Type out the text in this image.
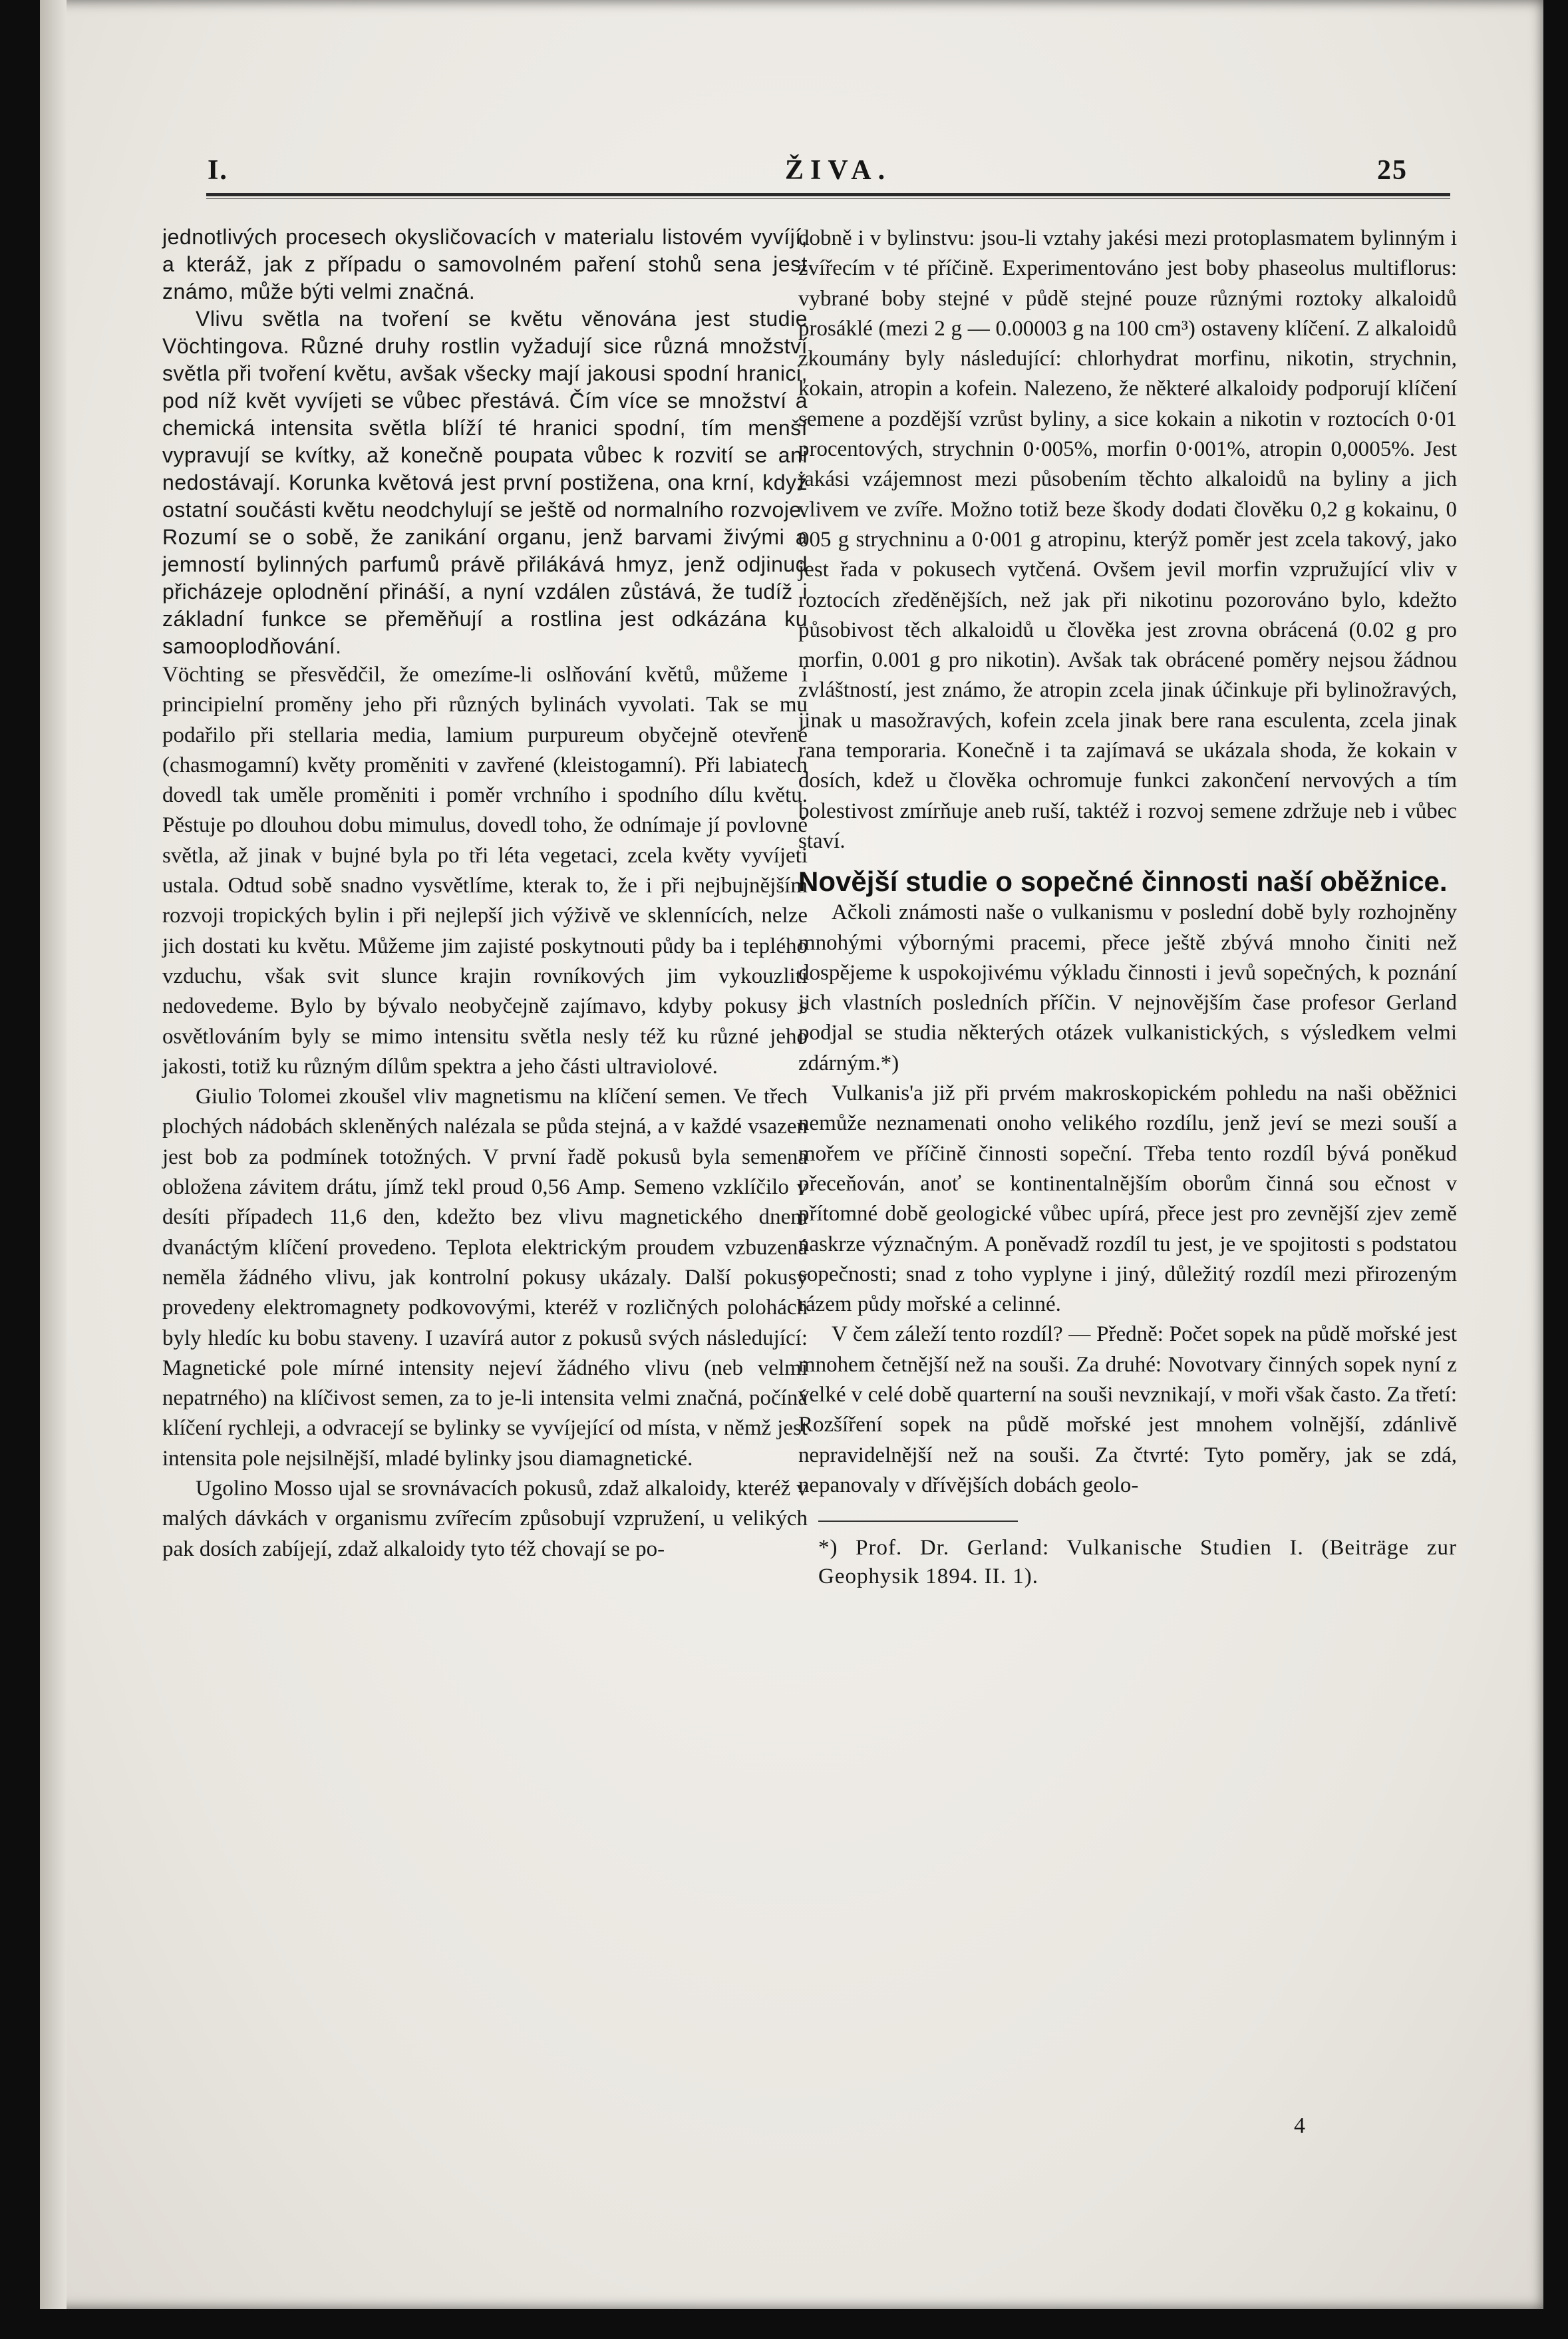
I.	ŽIVA.	25

jednotlivých procesech okysličovacích v materialu listovém vyvíjí, a kteráž, jak z případu o samovolném paření stohů sena jest známo, může býti velmi značná.

Vlivu světla na tvoření se květu věnována jest studie Vöchtingova. Různé druhy rostlin vyžadují sice různá množství světla při tvoření květu, avšak všecky mají jakousi spodní hranici, pod níž květ vyvíjeti se vůbec přestává. Čím více se množství a chemická intensita světla blíží té hranici spodní, tím menší vypravují se kvítky, až konečně poupata vůbec k rozvití se ani nedostávají. Korunka květová jest první postižena, ona krní, když ostatní součásti květu neodchylují se ještě od normalního rozvoje. Rozumí se o sobě, že zanikání organu, jenž barvami živými a jemností bylinných parfumů právě přilákává hmyz, jenž odjinud přicházeje oplodnění přináší, a nyní vzdálen zůstává, že tudíž i základní funkce se přeměňují a rostlina jest odkázána ku samooplodňování.

Vöchting se přesvědčil, že omezíme-li oslňování květů, můžeme i principielní proměny jeho při různých bylinách vyvolati. Tak se mu podařilo při stellaria media, lamium purpureum obyčejně otevřené (chasmogamní) květy proměniti v zavřené (kleistogamní). Při labiatech dovedl tak uměle proměniti i poměr vrchního i spodního dílu květu. Pěstuje po dlouhou dobu mimulus, dovedl toho, že odnímaje jí povlovně světla, až jinak v bujné byla po tři léta vegetaci, zcela květy vyvíjeti ustala. Odtud sobě snadno vysvětlíme, kterak to, že i při nejbujnějším rozvoji tropických bylin i při nejlepší jich výživě ve sklennících, nelze jich dostati ku květu. Můžeme jim zajisté poskytnouti půdy ba i teplého vzduchu, však svit slunce krajin rovníkových jim vykouzliti nedovedeme. Bylo by bývalo neobyčejně zajímavo, kdyby pokusy s osvětlováním byly se mimo intensitu světla nesly též ku různé jeho jakosti, totiž ku různým dílům spektra a jeho části ultraviolové.

Giulio Tolomei zkoušel vliv magnetismu na klíčení semen. Ve třech plochých nádobách skleněných nalézala se půda stejná, a v každé vsazen jest bob za podmínek totožných. V první řadě pokusů byla semena obložena závitem drátu, jímž tekl proud 0,56 Amp. Semeno vzklíčilo v desíti případech 11,6 den, kdežto bez vlivu magnetického dnem dvanáctým klíčení provedeno. Teplota elektrickým proudem vzbuzená neměla žádného vlivu, jak kontrolní pokusy ukázaly. Další pokusy provedeny elektromagnety podkovovými, kteréž v rozličných polohách byly hledíc ku bobu staveny. I uzavírá autor z pokusů svých následující: Magnetické pole mírné intensity nejeví žádného vlivu (neb velmi nepatrného) na klíčivost semen, za to je-li intensita velmi značná, počíná klíčení rychleji, a odvracejí se bylinky se vyvíjející od místa, v němž jest intensita pole nejsilnější, mladé bylinky jsou diamagnetické.

Ugolino Mosso ujal se srovnávacích pokusů, zdaž alkaloidy, kteréž v malých dávkách v organismu zvířecím způsobují vzpružení, u velikých pak dosích zabíjejí, zdaž alkaloidy tyto též chovají se po-

dobně i v bylinstvu: jsou-li vztahy jakési mezi protoplasmatem bylinným i zvířecím v té příčině. Experimentováno jest boby phaseolus multiflorus: vybrané boby stejné v půdě stejné pouze různými roztoky alkaloidů prosáklé (mezi 2 g — 0.00003 g na 100 cm³) ostaveny klíčení. Z alkaloidů zkoumány byly následující: chlorhydrat morfinu, nikotin, strychnin, kokain, atropin a kofein. Nalezeno, že některé alkaloidy podporují klíčení semene a pozdější vzrůst byliny, a sice kokain a nikotin v roztocích 0·01 procentových, strychnin 0·005%, morfin 0·001%, atropin 0,0005%. Jest jakási vzájemnost mezi působením těchto alkaloidů na byliny a jich vlivem ve zvíře. Možno totiž beze škody dodati člověku 0,2 g kokainu, 0 005 g strychninu a 0·001 g atropinu, kterýž poměr jest zcela takový, jako jest řada v pokusech vytčená. Ovšem jevil morfin vzpružující vliv v roztocích zředěnějších, než jak při nikotinu pozorováno bylo, kdežto působivost těch alkaloidů u člověka jest zrovna obrácená (0.02 g pro morfin, 0.001 g pro nikotin). Avšak tak obrácené poměry nejsou žádnou zvláštností, jest známo, že atropin zcela jinak účinkuje při bylinožravých, jinak u masožravých, kofein zcela jinak bere rana esculenta, zcela jinak rana temporaria. Konečně i ta zajímavá se ukázala shoda, že kokain v dosích, kdež u člověka ochromuje funkci zakončení nervových a tím bolestivost zmírňuje aneb ruší, taktéž i rozvoj semene zdržuje neb i vůbec staví.

Novější studie o sopečné činnosti naší oběžnice.

Ačkoli známosti naše o vulkanismu v poslední době byly rozhojněny mnohými výbornými pracemi, přece ještě zbývá mnoho činiti než dospějeme k uspokojivému výkladu činnosti i jevů sopečných, k poznání jich vlastních posledních příčin. V nejnovějším čase profesor Gerland podjal se studia některých otázek vulkanistických, s výsledkem velmi zdárným.*)

Vulkanis'a již při prvém makroskopickém pohledu na naši oběžnici nemůže neznamenati onoho velikého rozdílu, jenž jeví se mezi souší a mořem ve příčině činnosti sopeční. Třeba tento rozdíl bývá poněkud přeceňován, anoť se kontinentalnějším oborům činná sou ečnost v přítomné době geologické vůbec upírá, přece jest pro zevnější zjev země naskrze význačným. A poněvadž rozdíl tu jest, je ve spojitosti s podstatou sopečnosti; snad z toho vyplyne i jiný, důležitý rozdíl mezi přirozeným rázem půdy mořské a celinné.

V čem záleží tento rozdíl? — Předně: Počet sopek na půdě mořské jest mnohem četnější než na souši. Za druhé: Novotvary činných sopek nyní z velké v celé době quarterní na souši nevznikají, v moři však často. Za třetí: Rozšíření sopek na půdě mořské jest mnohem volnější, zdánlivě nepravidelnější než na souši. Za čtvrté: Tyto poměry, jak se zdá, nepanovaly v dřívějších dobách geolo-

*) Prof. Dr. Gerland: Vulkanische Studien I. (Beiträge zur Geophysik 1894. II. 1).
4
